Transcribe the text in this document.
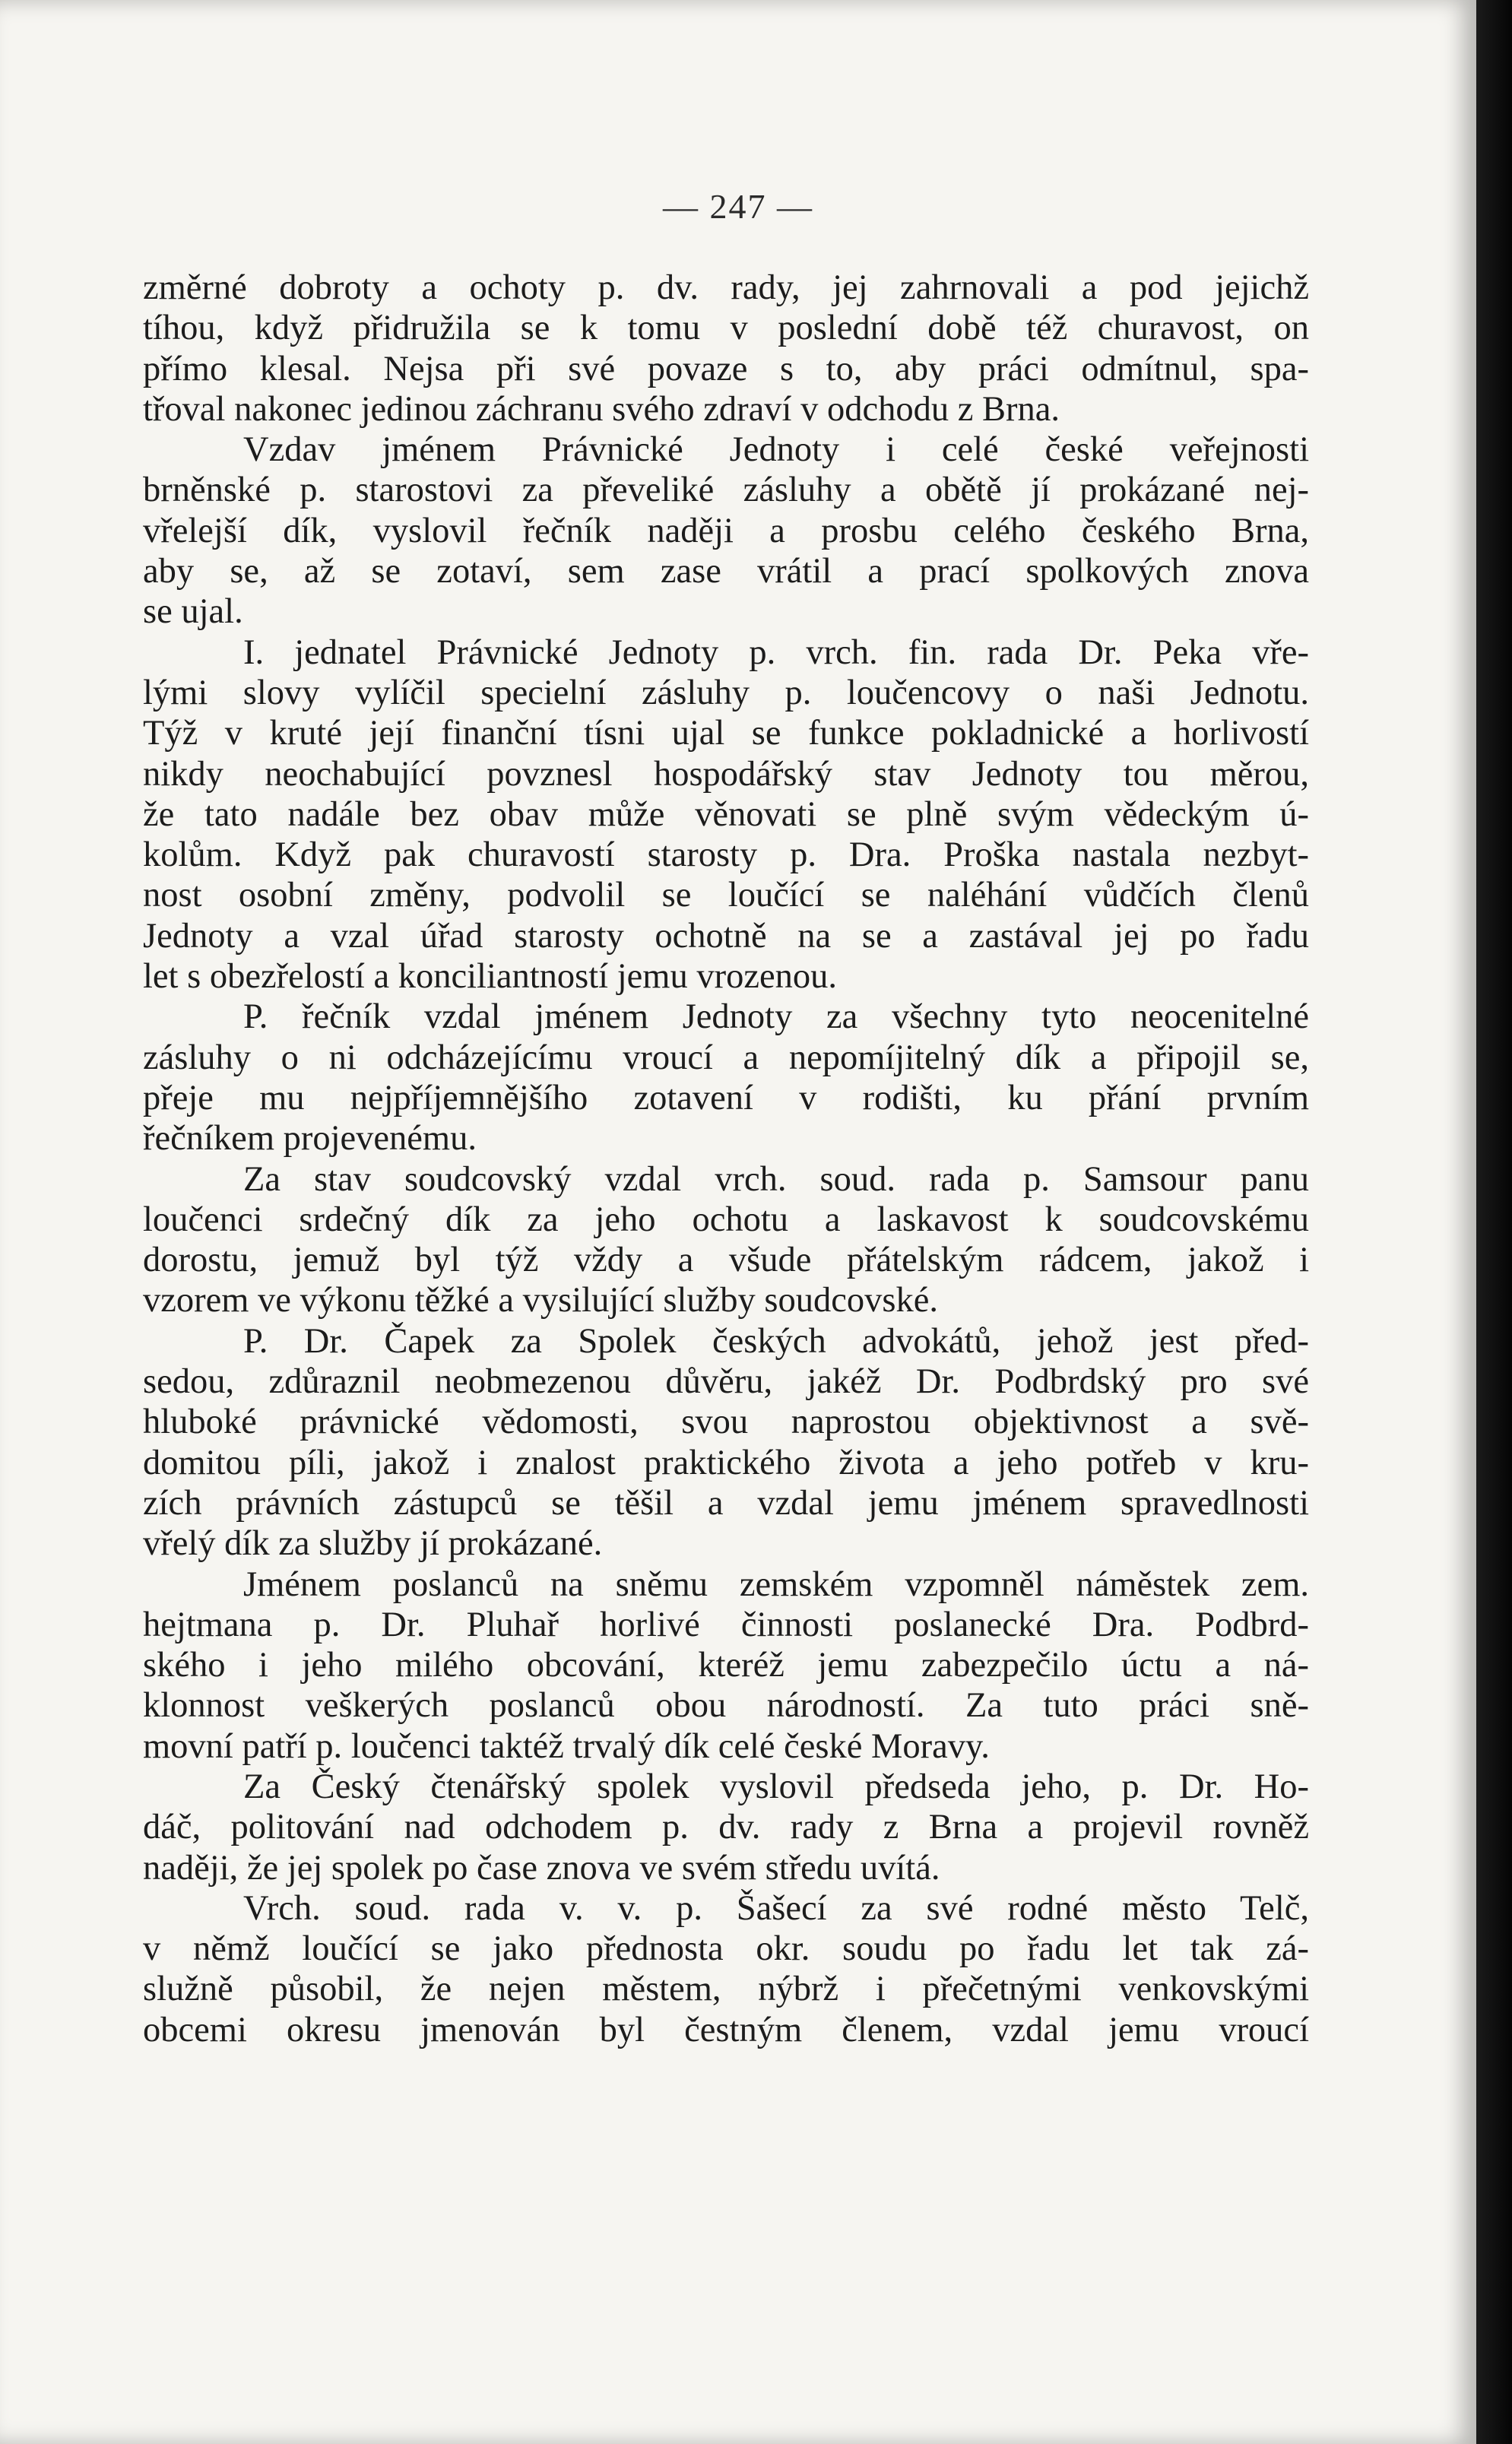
— 247 —
změrné dobroty a ochoty p. dv. rady, jej zahrnovali a pod jejichž
tíhou, když přidružila se k tomu v poslední době též churavost, on
přímo klesal. Nejsa při své povaze s to, aby práci odmítnul, spa-
třoval nakonec jedinou záchranu svého zdraví v odchodu z Brna.
Vzdav jménem Právnické Jednoty i celé české veřejnosti
brněnské p. starostovi za převeliké zásluhy a obětě jí prokázané nej-
vřelejší dík, vyslovil řečník naději a prosbu celého českého Brna,
aby se, až se zotaví, sem zase vrátil a prací spolkových znova
se ujal.
I. jednatel Právnické Jednoty p. vrch. fin. rada Dr. Peka vře-
lými slovy vylíčil specielní zásluhy p. loučencovy o naši Jednotu.
Týž v kruté její finanční tísni ujal se funkce pokladnické a horlivostí
nikdy neochabující povznesl hospodářský stav Jednoty tou měrou,
že tato nadále bez obav může věnovati se plně svým vědeckým ú-
kolům. Když pak churavostí starosty p. Dra. Proška nastala nezbyt-
nost osobní změny, podvolil se loučící se naléhání vůdčích členů
Jednoty a vzal úřad starosty ochotně na se a zastával jej po řadu
let s obezřelostí a konciliantností jemu vrozenou.
P. řečník vzdal jménem Jednoty za všechny tyto neocenitelné
zásluhy o ni odcházejícímu vroucí a nepomíjitelný dík a připojil se,
přeje mu nejpříjemnějšího zotavení v rodišti, ku přání prvním
řečníkem projevenému.
Za stav soudcovský vzdal vrch. soud. rada p. Samsour panu
loučenci srdečný dík za jeho ochotu a laskavost k soudcovskému
dorostu, jemuž byl týž vždy a všude přátelským rádcem, jakož i
vzorem ve výkonu těžké a vysilující služby soudcovské.
P. Dr. Čapek za Spolek českých advokátů, jehož jest před-
sedou, zdůraznil neobmezenou důvěru, jakéž Dr. Podbrdský pro své
hluboké právnické vědomosti, svou naprostou objektivnost a svě-
domitou píli, jakož i znalost praktického života a jeho potřeb v kru-
zích právních zástupců se těšil a vzdal jemu jménem spravedlnosti
vřelý dík za služby jí prokázané.
Jménem poslanců na sněmu zemském vzpomněl náměstek zem.
hejtmana p. Dr. Pluhař horlivé činnosti poslanecké Dra. Podbrd-
ského i jeho milého obcování, kteréž jemu zabezpečilo úctu a ná-
klonnost veškerých poslanců obou národností. Za tuto práci sně-
movní patří p. loučenci taktéž trvalý dík celé české Moravy.
Za Český čtenářský spolek vyslovil předseda jeho, p. Dr. Ho-
dáč, politování nad odchodem p. dv. rady z Brna a projevil rovněž
naději, že jej spolek po čase znova ve svém středu uvítá.
Vrch. soud. rada v. v. p. Šašecí za své rodné město Telč,
v němž loučící se jako přednosta okr. soudu po řadu let tak zá-
služně působil, že nejen městem, nýbrž i přečetnými venkovskými
obcemi okresu jmenován byl čestným členem, vzdal jemu vroucí
